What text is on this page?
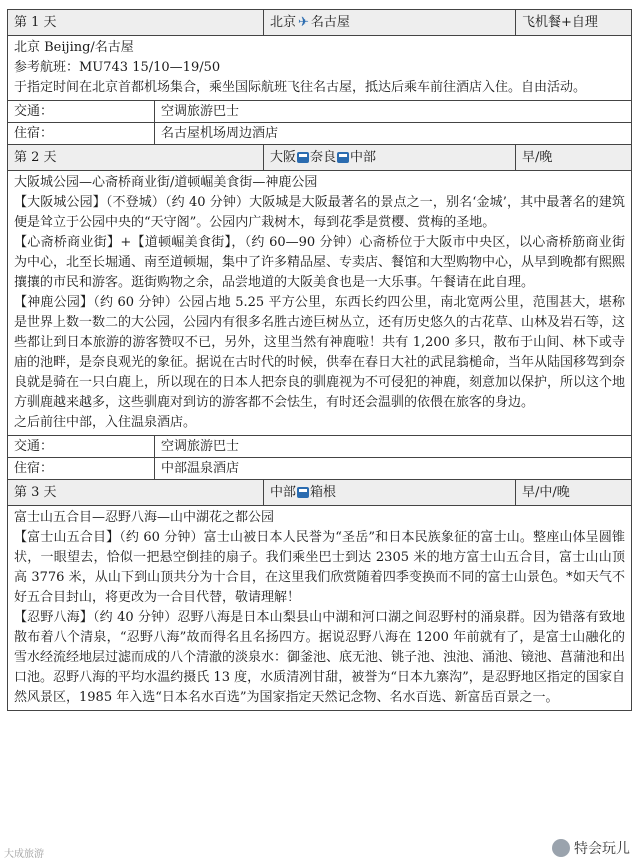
第 1 天	北京 ✈ 名古屋	飞机餐+自理

北京 Beijing/名古屋

参考航班：MU743 15/10—19/50

于指定时间在北京首都机场集合，乘坐国际航班飞往名古屋，抵达后乘车前往酒店入住。自由活动。

交通：	空调旅游巴士
住宿：	名古屋机场周边酒店
第 2 天	大阪 奈良 中部	早/晚

大阪城公园—心斋桥商业街/道顿崛美食街—神鹿公园

【大阪城公园】（不登城）（约 40 分钟）大阪城是大阪最著名的景点之一，别名‘金城’，其中最著名的建筑便是耸立于公园中央的“天守阁”。公园内广栽树木，每到花季是赏樱、赏梅的圣地。

【心斋桥商业街】+【道顿崛美食街】，（约 60—90 分钟）心斋桥位于大阪市中央区，以心斋桥筋商业街为中心，北至长堀通、南至道顿堀，集中了许多精品屋、专卖店、餐馆和大型购物中心，从早到晚都有熙熙攘攘的市民和游客。逛街购物之余，品尝地道的大阪美食也是一大乐事。午餐请在此自理。

【神鹿公园】（约 60 分钟）公园占地 5.25 平方公里，东西长约四公里，南北宽两公里，范围甚大，堪称是世界上数一数二的大公园，公园内有很多名胜古迹巨树丛立，还有历史悠久的古花草、山林及岩石等，这些都让到日本旅游的游客赞叹不已，另外，这里当然有神鹿啦！共有 1,200 多只，散布于山间、林下或寺庙的池畔，是奈良观光的象征。据说在古时代的时候，供奉在春日大社的武昆翁槌命，当年从陆国移驾到奈良就是骑在一只白鹿上，所以现在的日本人把奈良的驯鹿视为不可侵犯的神鹿，刻意加以保护，所以这个地方驯鹿越来越多，这些驯鹿对到访的游客都不会怯生，有时还会温驯的依偎在旅客的身边。

之后前往中部，入住温泉酒店。

交通：	空调旅游巴士
住宿：	中部温泉酒店
第 3 天	中部 箱根	早/中/晚

富士山五合目—忍野八海—山中湖花之都公园

【富士山五合目】（约 60 分钟）富士山被日本人民誉为“圣岳”和日本民族象征的富士山。整座山体呈圆锥状，一眼望去，恰似一把悬空倒挂的扇子。我们乘坐巴士到达 2305 米的地方富士山五合目，富士山山顶高 3776 米，从山下到山顶共分为十合目，在这里我们欣赏随着四季变换而不同的富士山景色。*如天气不好五合目封山，将更改为一合目代替，敬请理解！

【忍野八海】（约 40 分钟）忍野八海是日本山梨县山中湖和河口湖之间忍野村的涌泉群。因为错落有致地散布着八个清泉，“忍野八海”故而得名且名扬四方。据说忍野八海在 1200 年前就有了，是富士山融化的雪水经流经地层过滤而成的八个清澈的淡泉水：御釜池、底无池、铫子池、浊池、涌池、镜池、菖蒲池和出口池。忍野八海的平均水温约摄氏 13 度，水质清冽甘甜，被誉为“日本九寨沟”，是忍野地区指定的国家自然风景区，1985 年入选“日本名水百选”为国家指定天然记念物、名水百选、新富岳百景之一。

大成旅游	特会玩儿
